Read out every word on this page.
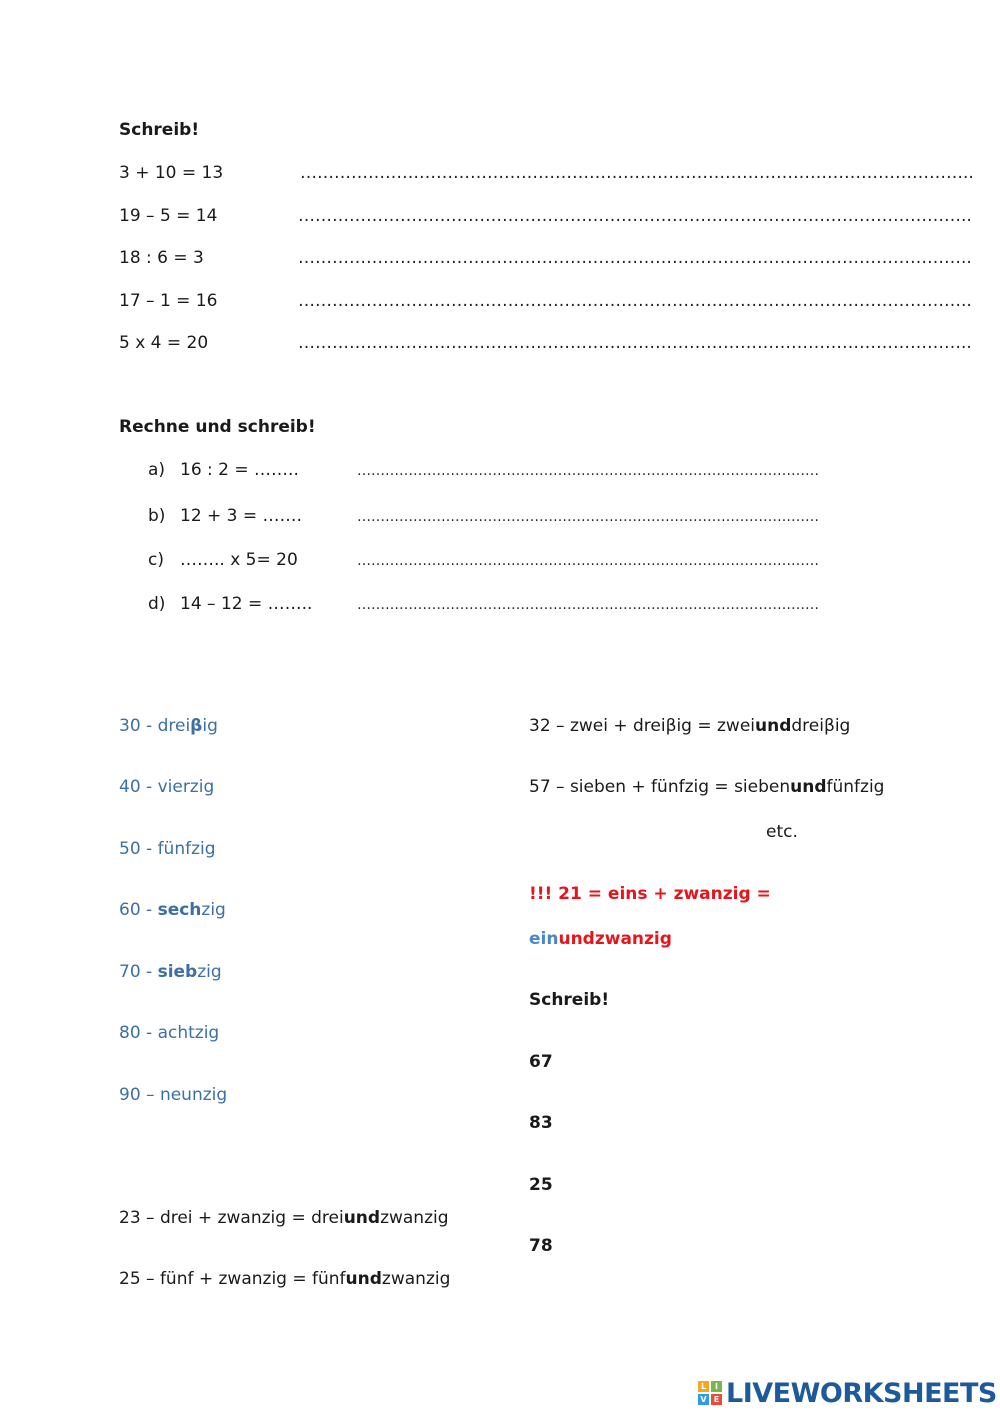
Schreib!
3 + 10 = 13	………………………………………………………………………………………………………..
19 – 5 = 14	………………………………………………………………………………………………………..
18 : 6 = 3	………………………………………………………………………………………………………..
17 – 1 = 16	………………………………………………………………………………………………………..
5 x 4 = 20	………………………………………………………………………………………………………..
Rechne und schreib!
a) 16 : 2 = ……..	………………………………………………………………………………………
b) 12 + 3 = …….	………………………………………………………………………………………
c) …….. x 5= 20	………………………………………………………………………………………
d) 14 – 12 = ……..	………………………………………………………………………………………
30 - dreiβig
40 - vierzig
50 - fünfzig
60 - sechzig
70 - siebzig
80 - achtzig
90 – neunzig
32 – zwei + dreiβig = zweiunddreiβig
57 – sieben + fünfzig = siebenundfünfzig
etc.
!!! 21 = eins + zwanzig =
einundzwanzig
Schreib!
67
83
25
78
23 – drei + zwanzig = dreiundzwanzig
25 – fünf + zwanzig = fünfundzwanzig
L	I
V E LIVEWORKSHEETS
